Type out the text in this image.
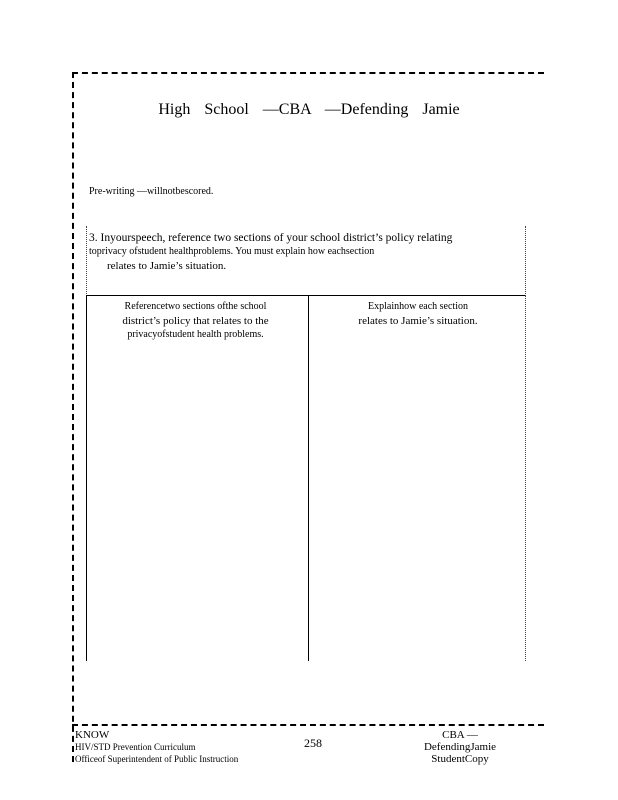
High School —CBA —Defending Jamie
Pre-writing —willnotbescored.
3. Inyourspeech, reference two sections of your school district’s policy relating
toprivacy ofstudent healthproblems. You must explain how eachsection
relates to Jamie’s situation.
Referencetwo sections ofthe school
district’s policy that relates to the
privacyofstudent health problems.
Explainhow each section
relates to Jamie’s situation.
KNOW
HIV/STD Prevention Curriculum
Officeof Superintendent of Public Instruction
258
CBA —DefendingJamie
StudentCopy
